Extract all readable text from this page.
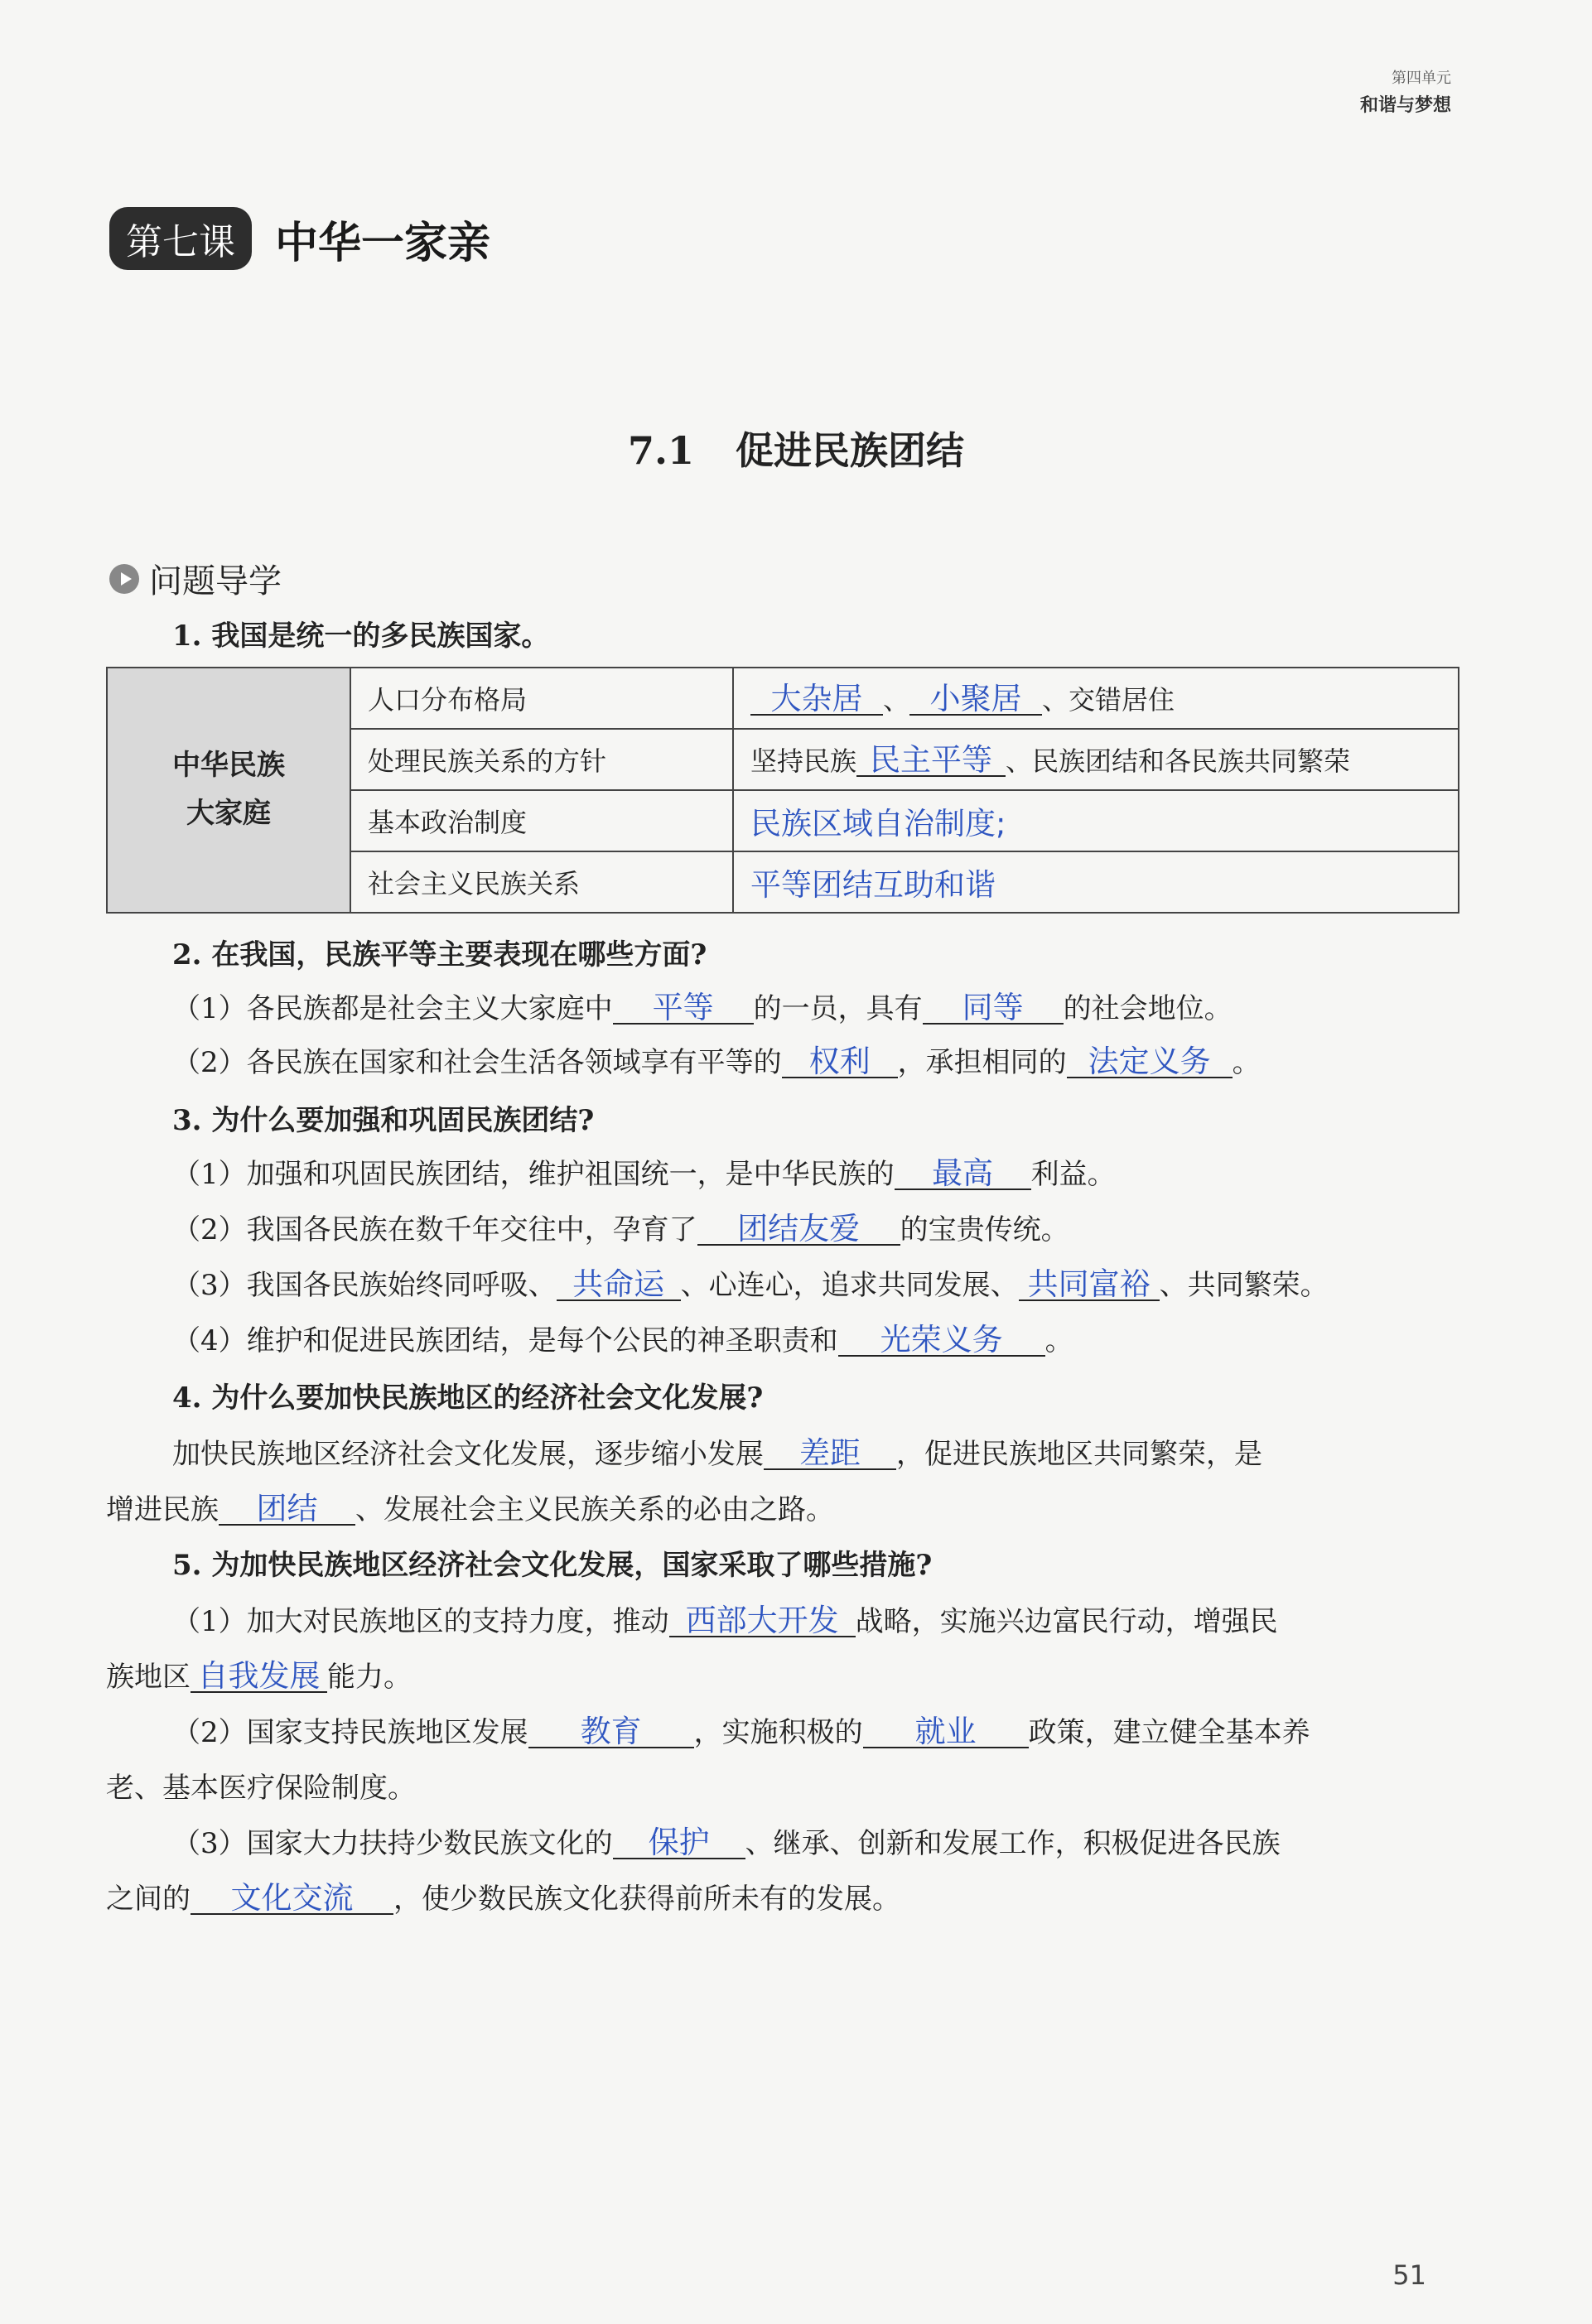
第四单元
和谐与梦想
第七课 中华一家亲
7.1 促进民族团结
问题导学
1. 我国是统一的多民族国家。
中华民族
大家庭	人口分布格局	大杂居 、 小聚居 、交错居住
	处理民族关系的方针	坚持民族 民主平等 、民族团结和各民族共同繁荣
	基本政治制度	民族区域自治制度;
	社会主义民族关系	平等团结互助和谐
2. 在我国，民族平等主要表现在哪些方面?
（1）各民族都是社会主义大家庭中 平等 的一员，具有 同等 的社会地位。
（2）各民族在国家和社会生活各领域享有平等的 权利 ，承担相同的 法定义务 。
3. 为什么要加强和巩固民族团结?
（1）加强和巩固民族团结，维护祖国统一，是中华民族的 最高 利益。
（2）我国各民族在数千年交往中，孕育了 团结友爱 的宝贵传统。
（3）我国各民族始终同呼吸、 共命运 、心连心，追求共同发展、 共同富裕 、共同繁荣。
（4）维护和促进民族团结，是每个公民的神圣职责和 光荣义务 。
4. 为什么要加快民族地区的经济社会文化发展?
加快民族地区经济社会文化发展，逐步缩小发展 差距 ，促进民族地区共同繁荣，是
增进民族 团结 、发展社会主义民族关系的必由之路。
5. 为加快民族地区经济社会文化发展，国家采取了哪些措施?
（1）加大对民族地区的支持力度，推动 西部大开发 战略，实施兴边富民行动，增强民
族地区 自我发展 能力。
（2）国家支持民族地区发展 教育 ，实施积极的 就业 政策，建立健全基本养
老、基本医疗保险制度。
（3）国家大力扶持少数民族文化的 保护 、继承、创新和发展工作，积极促进各民族
之间的 文化交流 ，使少数民族文化获得前所未有的发展。
51
